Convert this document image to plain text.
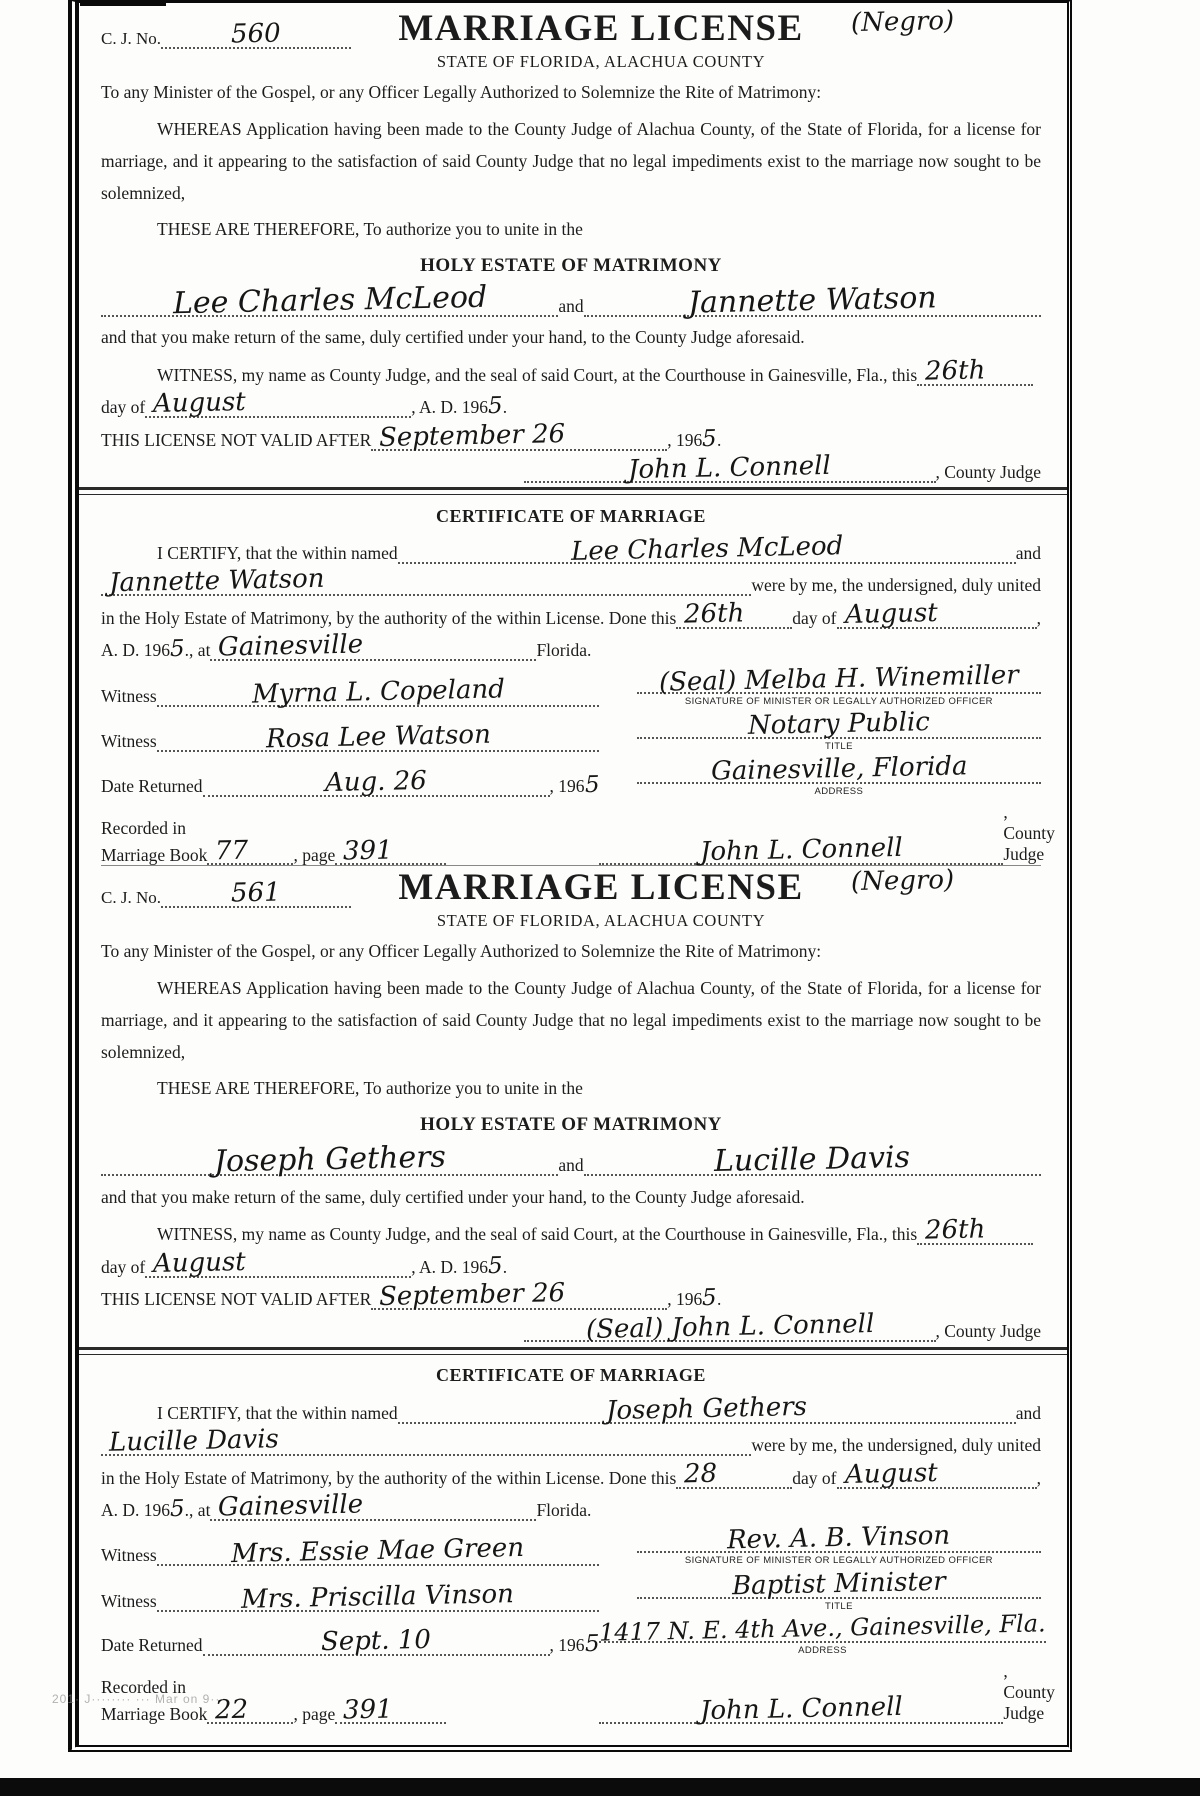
C. J. No.	560	MARRIAGE LICENSE
STATE OF FLORIDA, ALACHUA COUNTY
(Negro)
To any Minister of the Gospel, or any Officer Legally Authorized to Solemnize the Rite of Matrimony:
WHEREAS Application having been made to the County Judge of Alachua County, of the State of Florida, for a license for marriage, and it appearing to the satisfaction of said County Judge that no legal impediments exist to the marriage now sought to be solemnized,
THESE ARE THEREFORE, To authorize you to unite in the
HOLY ESTATE OF MATRIMONY
Lee Charles McLeod	and	Jannette Watson
and that you make return of the same, duly certified under your hand, to the County Judge aforesaid.
WITNESS, my name as County Judge, and the seal of said Court, at the Courthouse in Gainesville, Fla., this 26th
day of August	, A. D. 196 5 .
THIS LICENSE NOT VALID AFTER September 26	, 196 5 .
John L. Connell	, County Judge
CERTIFICATE OF MARRIAGE
I CERTIFY, that the within named	Lee Charles McLeod	and
Jannette Watson	were by me, the undersigned, duly united
in the Holy Estate of Matrimony, by the authority of the within License. Done this 26th	day of August	,
A. D. 196 5 ., at Gainesville	Florida.
Witness	Myrna L. Copeland	(Seal) Melba H. Winemiller
SIGNATURE OF MINISTER OR LEGALLY AUTHORIZED OFFICER
Witness	Rosa Lee Watson	Notary Public
TITLE
Date Returned	Aug. 26	, 196 5	Gainesville, Florida
ADDRESS
Recorded in
Marriage Book 77	, page 391	John L. Connell
, County Judge
C. J. No.	561	MARRIAGE LICENSE
STATE OF FLORIDA, ALACHUA COUNTY
(Negro)
To any Minister of the Gospel, or any Officer Legally Authorized to Solemnize the Rite of Matrimony:
WHEREAS Application having been made to the County Judge of Alachua County, of the State of Florida, for a license for marriage, and it appearing to the satisfaction of said County Judge that no legal impediments exist to the marriage now sought to be solemnized,
THESE ARE THEREFORE, To authorize you to unite in the
HOLY ESTATE OF MATRIMONY
Joseph Gethers	and	Lucille Davis
and that you make return of the same, duly certified under your hand, to the County Judge aforesaid.
WITNESS, my name as County Judge, and the seal of said Court, at the Courthouse in Gainesville, Fla., this 26th
day of August	, A. D. 196 5 .
THIS LICENSE NOT VALID AFTER September 26	, 196 5 .
(Seal) John L. Connell	, County Judge
CERTIFICATE OF MARRIAGE
I CERTIFY, that the within named	Joseph Gethers	and
Lucille Davis	were by me, the undersigned, duly united
in the Holy Estate of Matrimony, by the authority of the within License. Done this 28	day of August	,
A. D. 196 5 ., at Gainesville	Florida.
Witness	Mrs. Essie Mae Green	Rev. A. B. Vinson
SIGNATURE OF MINISTER OR LEGALLY AUTHORIZED OFFICER
Witness	Mrs. Priscilla Vinson	Baptist Minister
TITLE
Date Returned	Sept. 10	, 196 5 1417 N. E. 4th Ave., Gainesville, Fla.
ADDRESS
Recorded in
Marriage Book 22	, page 391	John L. Connell
, County Judge
201· J········ ··· Mar on 9···
